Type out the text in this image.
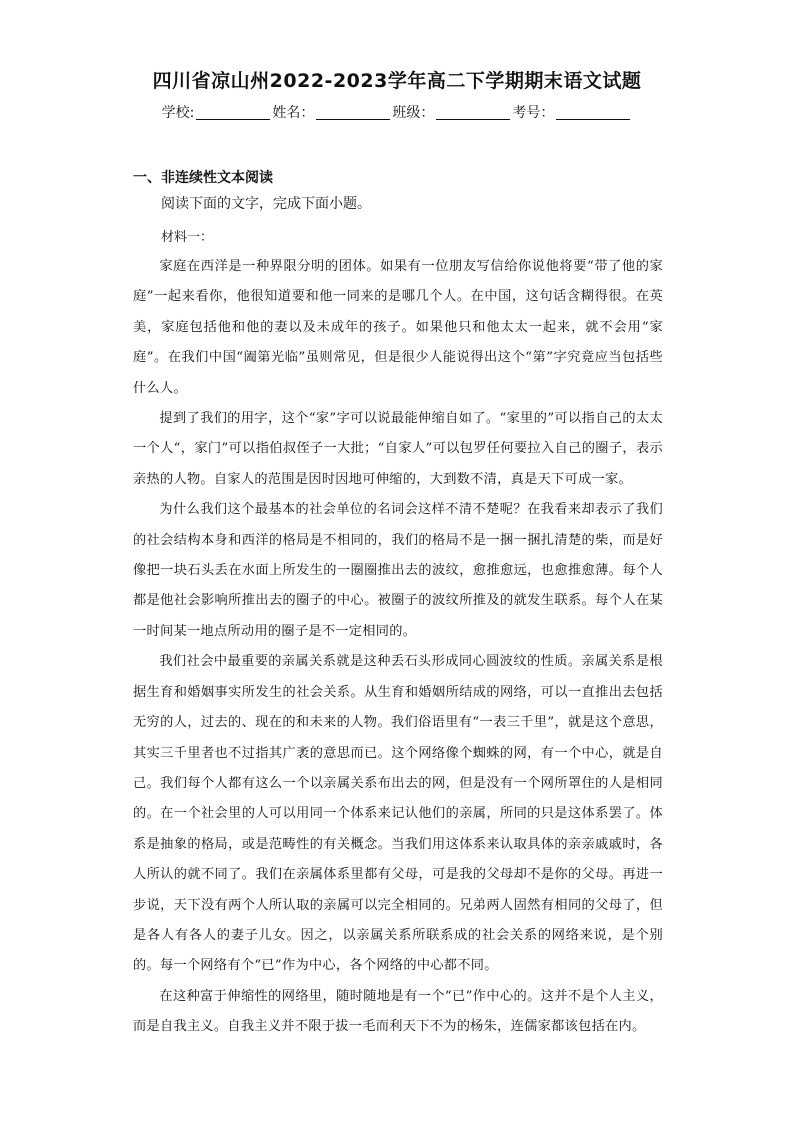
四川省凉山州2022-2023学年高二下学期期末语文试题
学校:	姓名：	班级：	考号：
一、非连续性文本阅读
阅读下面的文字，完成下面小题。
材料一：

家庭在西洋是一种界限分明的团体。如果有一位朋友写信给你说他将要“带了他的家庭”一起来看你，他很知道要和他一同来的是哪几个人。在中国，这句话含糊得很。在英美，家庭包括他和他的妻以及未成年的孩子。如果他只和他太太一起来，就不会用“家庭”。在我们中国“阖第光临”虽则常见，但是很少人能说得出这个“第”字究竟应当包括些什么人。

提到了我们的用字，这个“家”字可以说最能伸缩自如了。“家里的”可以指自己的太太一个人“，家门”可以指伯叔侄子一大批；“自家人”可以包罗任何要拉入自己的圈子，表示亲热的人物。自家人的范围是因时因地可伸缩的，大到数不清，真是天下可成一家。

为什么我们这个最基本的社会单位的名词会这样不清不楚呢？在我看来却表示了我们的社会结构本身和西洋的格局是不相同的，我们的格局不是一捆一捆扎清楚的柴，而是好像把一块石头丢在水面上所发生的一圈圈推出去的波纹，愈推愈远，也愈推愈薄。每个人都是他社会影响所推出去的圈子的中心。被圈子的波纹所推及的就发生联系。每个人在某一时间某一地点所动用的圈子是不一定相同的。

我们社会中最重要的亲属关系就是这种丢石头形成同心圆波纹的性质。亲属关系是根据生育和婚姻事实所发生的社会关系。从生育和婚姻所结成的网络，可以一直推出去包括无穷的人，过去的、现在的和未来的人物。我们俗语里有“一表三千里”，就是这个意思，其实三千里者也不过指其广袤的意思而已。这个网络像个蜘蛛的网，有一个中心，就是自己。我们每个人都有这么一个以亲属关系布出去的网，但是没有一个网所罩住的人是相同的。在一个社会里的人可以用同一个体系来记认他们的亲属，所同的只是这体系罢了。体系是抽象的格局，或是范畴性的有关概念。当我们用这体系来认取具体的亲亲戚戚时，各人所认的就不同了。我们在亲属体系里都有父母，可是我的父母却不是你的父母。再进一步说，天下没有两个人所认取的亲属可以完全相同的。兄弟两人固然有相同的父母了，但是各人有各人的妻子儿女。因之，以亲属关系所联系成的社会关系的网络来说，是个别的。每一个网络有个“已”作为中心，各个网络的中心都不同。

在这种富于伸缩性的网络里，随时随地是有一个“已”作中心的。这并不是个人主义，而是自我主义。自我主义并不限于拔一毛而利天下不为的杨朱，连儒家都该包括在内。
